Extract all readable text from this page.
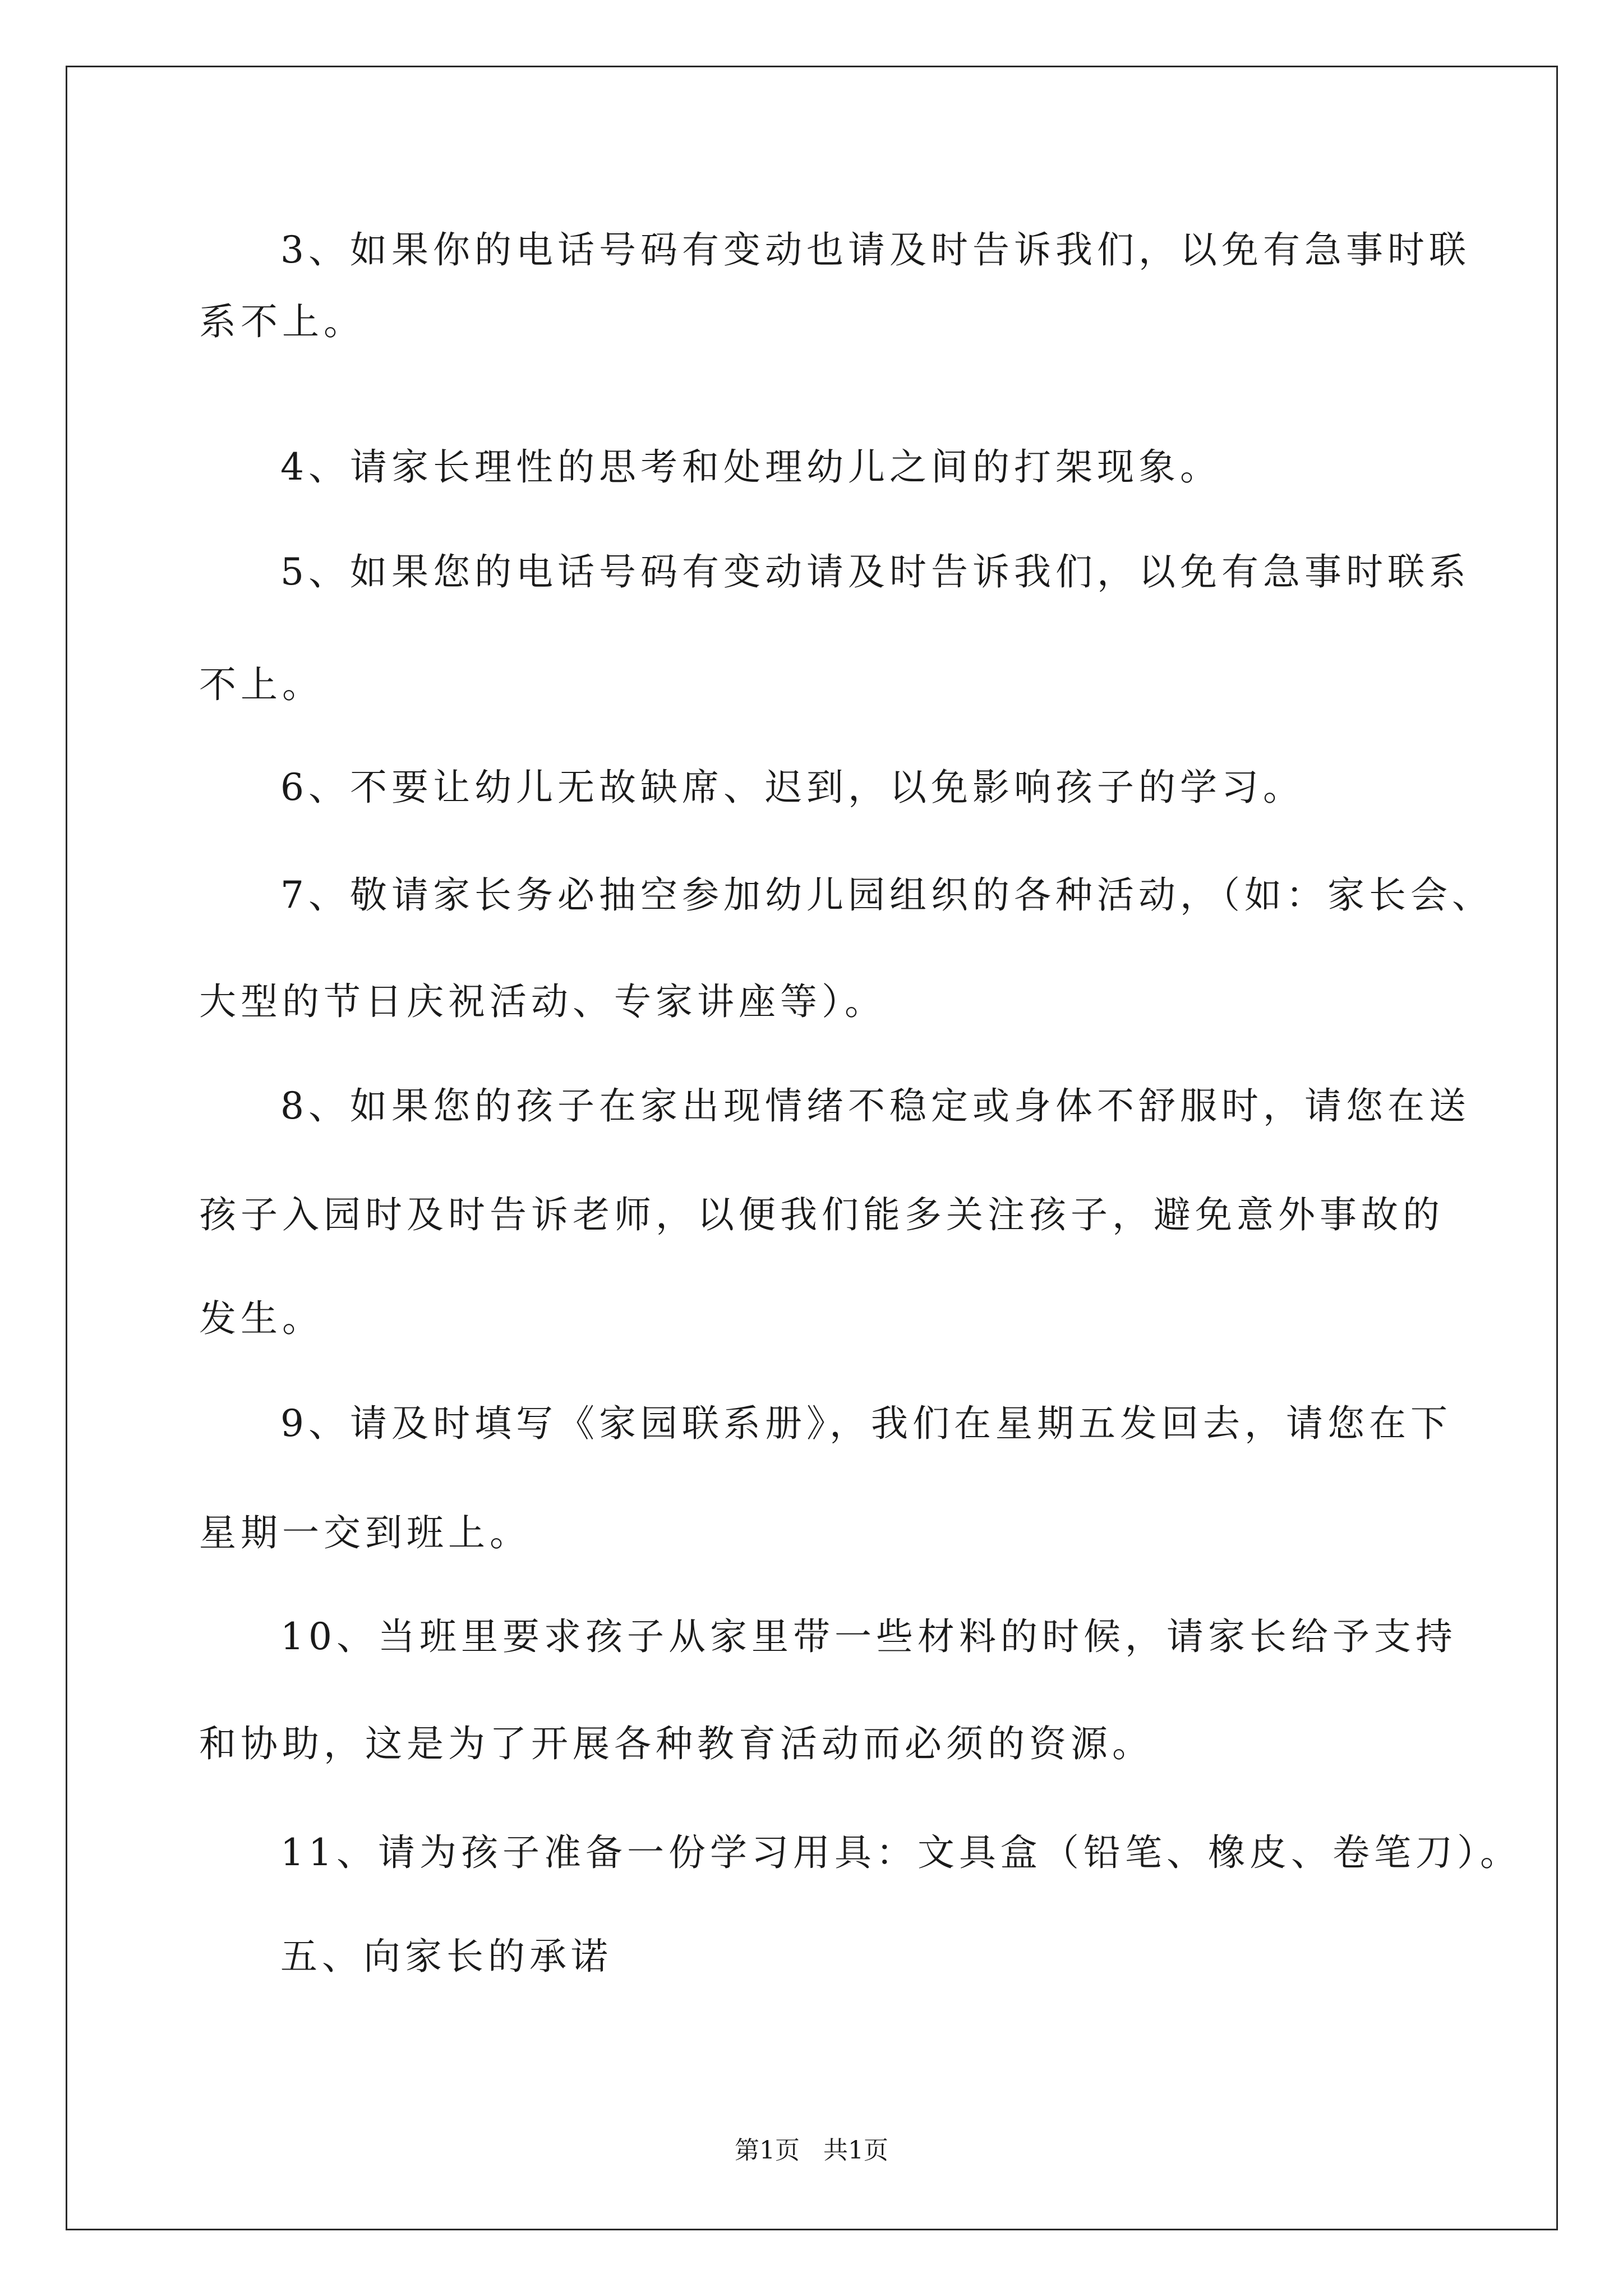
3、如果你的电话号码有变动也请及时告诉我们，以免有急事时联
系不上。
4、请家长理性的思考和处理幼儿之间的打架现象。
5、如果您的电话号码有变动请及时告诉我们，以免有急事时联系
不上。
6、不要让幼儿无故缺席、迟到，以免影响孩子的学习。
7、敬请家长务必抽空参加幼儿园组织的各种活动，（如：家长会、
大型的节日庆祝活动、专家讲座等）。
8、如果您的孩子在家出现情绪不稳定或身体不舒服时，请您在送
孩子入园时及时告诉老师，以便我们能多关注孩子，避免意外事故的
发生。
9、请及时填写《家园联系册》，我们在星期五发回去，请您在下
星期一交到班上。
10、当班里要求孩子从家里带一些材料的时候，请家长给予支持
和协助，这是为了开展各种教育活动而必须的资源。
11、请为孩子准备一份学习用具：文具盒（铅笔、橡皮、卷笔刀）。
五、向家长的承诺
第1页   共1页
